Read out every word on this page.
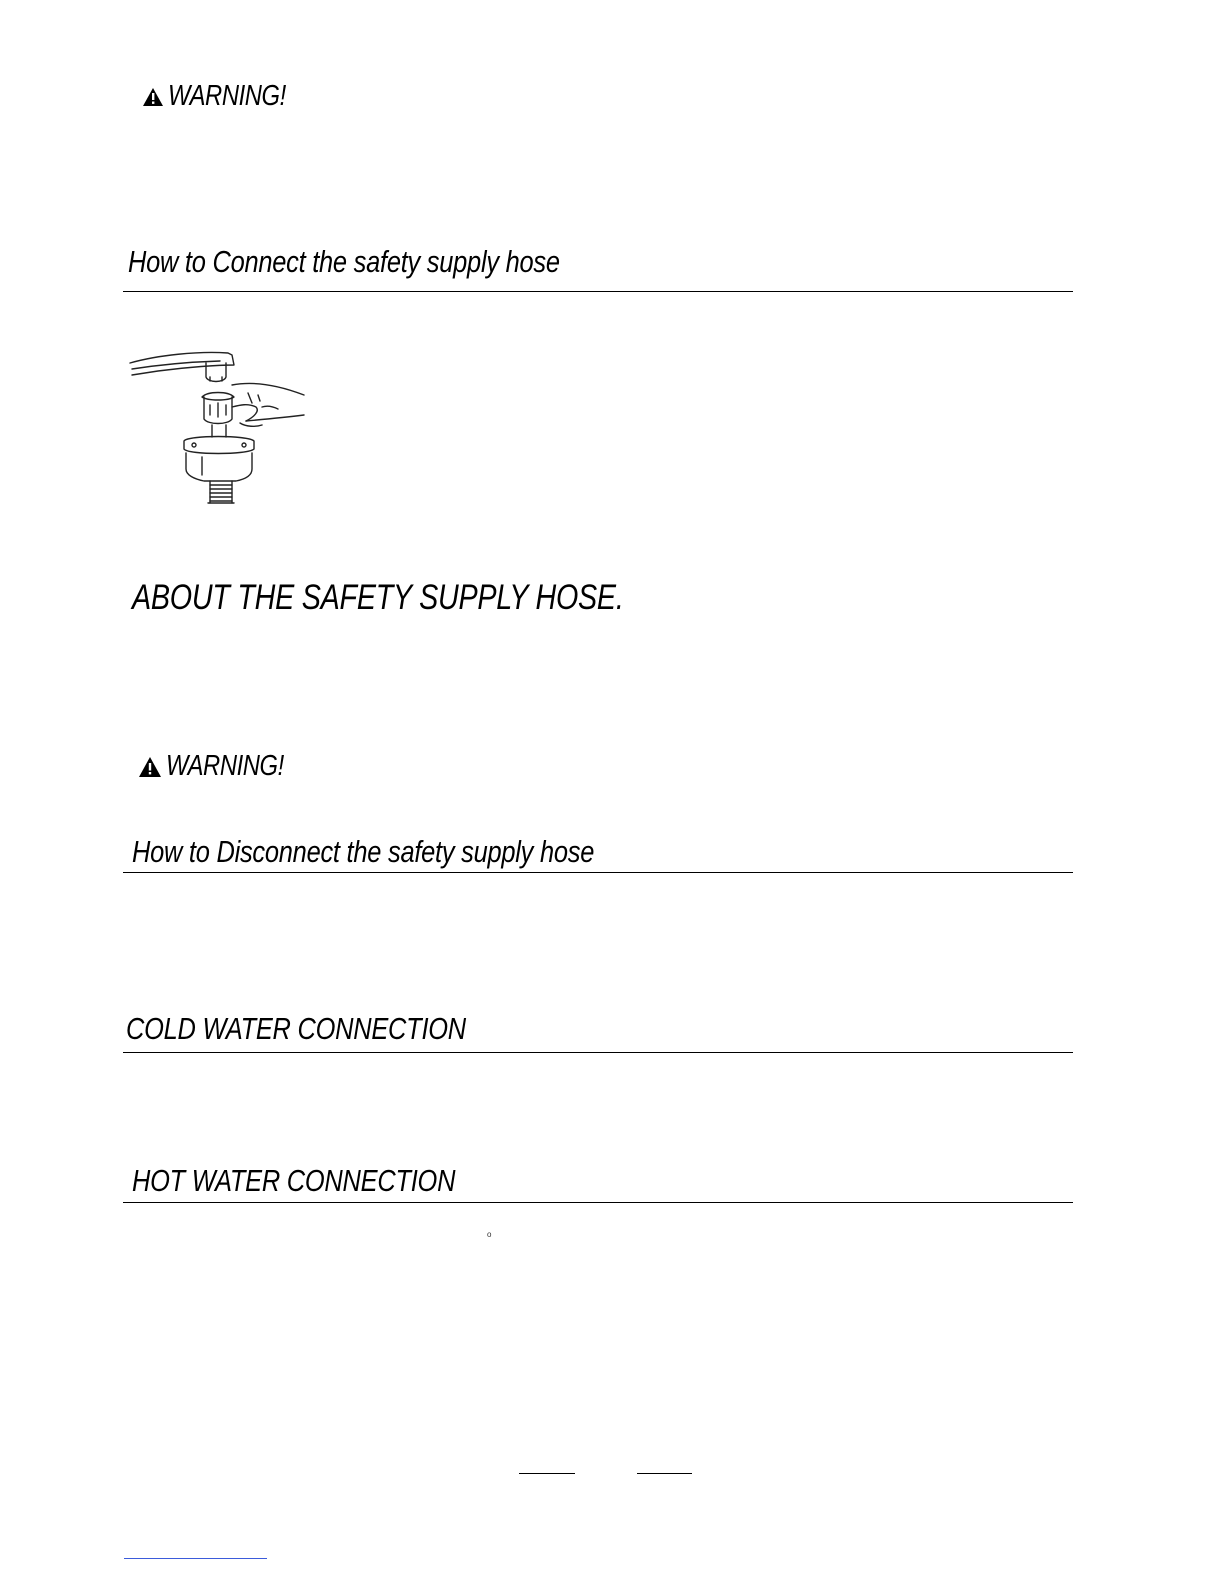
WARNING!
How to Connect the safety supply hose
ABOUT THE SAFETY SUPPLY HOSE.
WARNING!
How to Disconnect the safety supply hose
COLD WATER CONNECTION
HOT WATER CONNECTION
o
